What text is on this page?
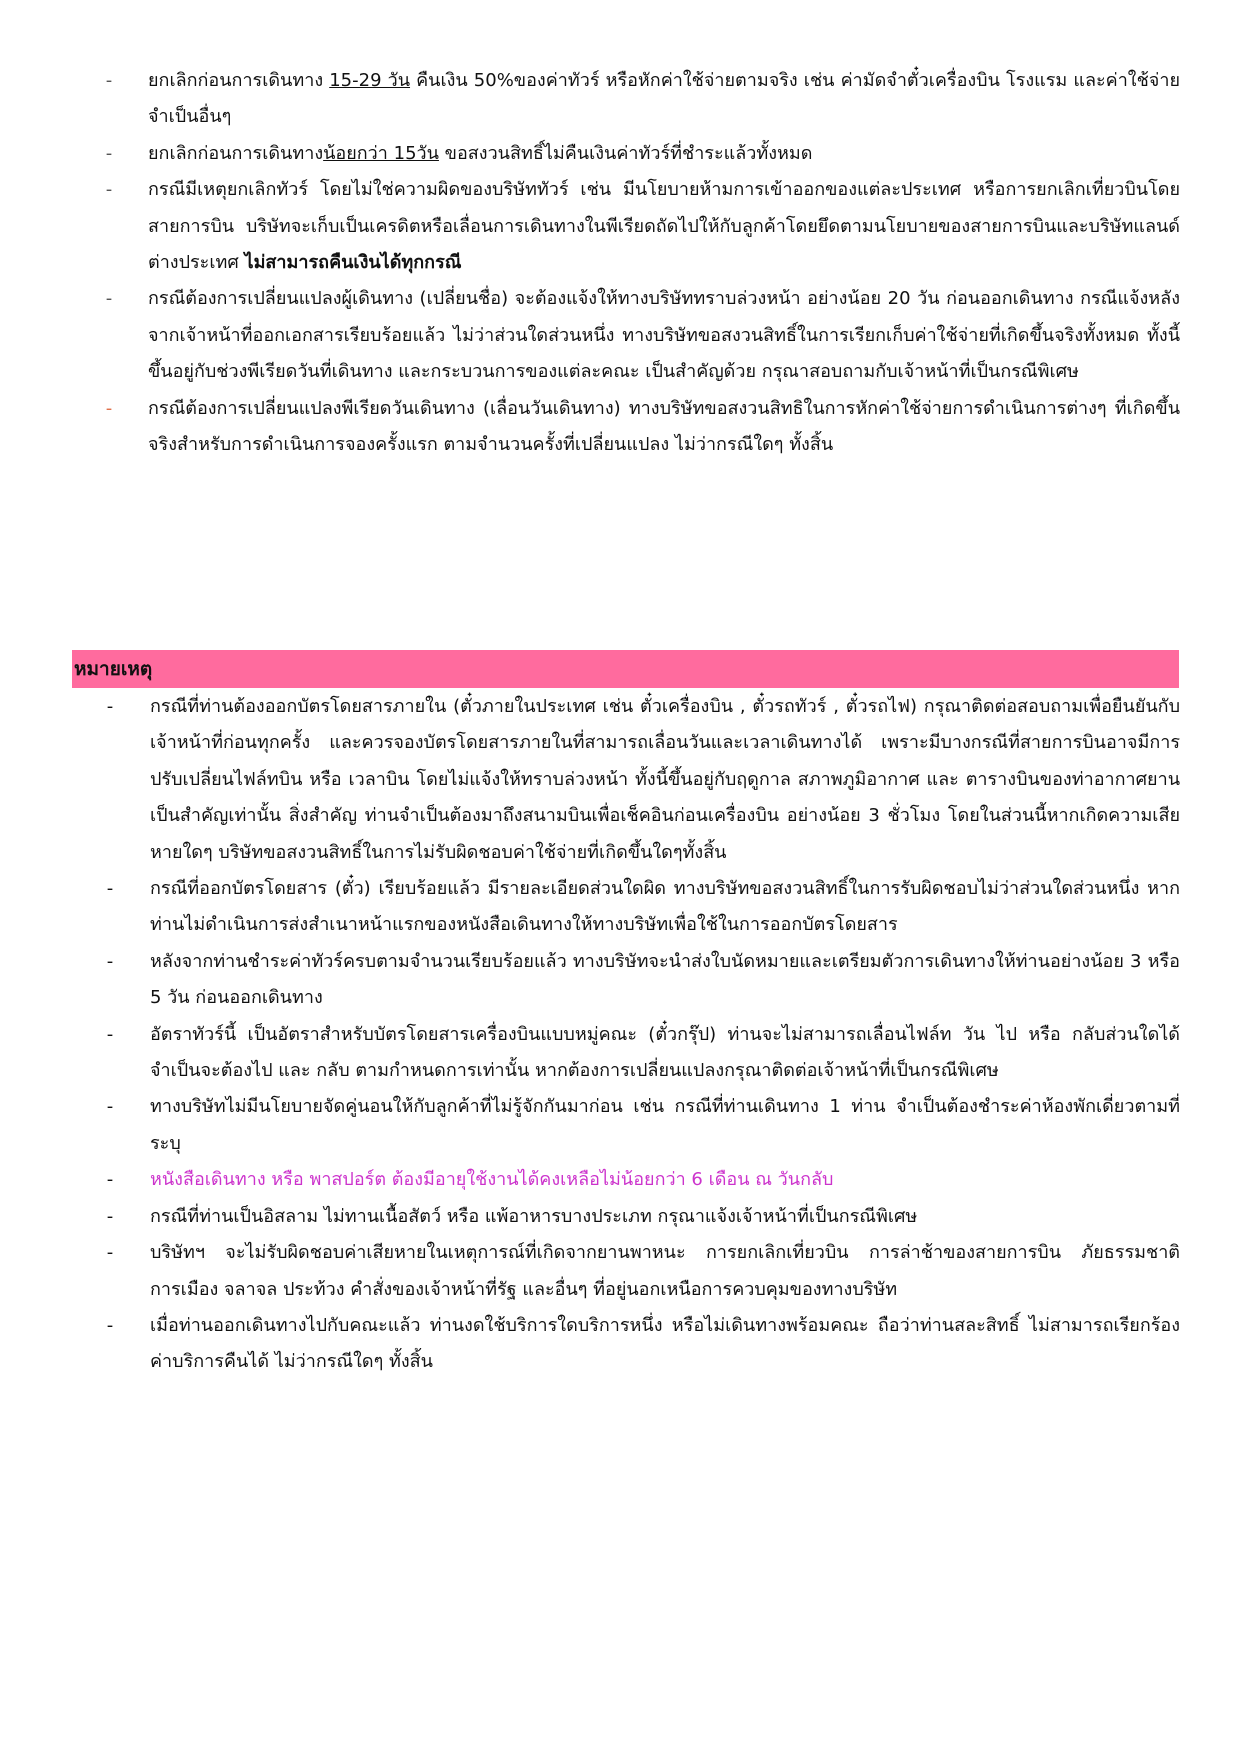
-	ยกเลิกก่อนการเดินทาง 15-29 วัน คืนเงิน 50%ของค่าทัวร์ หรือหักค่าใช้จ่ายตามจริง เช่น ค่ามัดจำตั๋วเครื่องบิน โรงแรม และค่าใช้จ่ายจำเป็นอื่นๆ
-	ยกเลิกก่อนการเดินทางน้อยกว่า 15วัน ขอสงวนสิทธิ์ไม่คืนเงินค่าทัวร์ที่ชำระแล้วทั้งหมด
-	กรณีมีเหตุยกเลิกทัวร์ โดยไม่ใช่ความผิดของบริษัททัวร์ เช่น มีนโยบายห้ามการเข้าออกของแต่ละประเทศ หรือการยกเลิกเที่ยวบินโดยสายการบิน บริษัทจะเก็บเป็นเครดิตหรือเลื่อนการเดินทางในพีเรียดถัดไปให้กับลูกค้าโดยยึดตามนโยบายของสายการบินและบริษัทแลนด์ต่างประเทศ ไม่สามารถคืนเงินได้ทุกกรณี
-	กรณีต้องการเปลี่ยนแปลงผู้เดินทาง (เปลี่ยนชื่อ) จะต้องแจ้งให้ทางบริษัททราบล่วงหน้า อย่างน้อย 20 วัน ก่อนออกเดินทาง กรณีแจ้งหลังจากเจ้าหน้าที่ออกเอกสารเรียบร้อยแล้ว ไม่ว่าส่วนใดส่วนหนึ่ง ทางบริษัทขอสงวนสิทธิ์ในการเรียกเก็บค่าใช้จ่ายที่เกิดขึ้นจริงทั้งหมด ทั้งนี้ขึ้นอยู่กับช่วงพีเรียดวันที่เดินทาง และกระบวนการของแต่ละคณะ เป็นสำคัญด้วย กรุณาสอบถามกับเจ้าหน้าที่เป็นกรณีพิเศษ
-	กรณีต้องการเปลี่ยนแปลงพีเรียดวันเดินทาง (เลื่อนวันเดินทาง) ทางบริษัทขอสงวนสิทธิในการหักค่าใช้จ่ายการดำเนินการต่างๆ ที่เกิดขึ้นจริงสำหรับการดำเนินการจองครั้งแรก ตามจำนวนครั้งที่เปลี่ยนแปลง ไม่ว่ากรณีใดๆ ทั้งสิ้น
หมายเหตุ
-	กรณีที่ท่านต้องออกบัตรโดยสารภายใน (ตั๋วภายในประเทศ เช่น ตั๋วเครื่องบิน , ตั๋วรถทัวร์ , ตั๋วรถไฟ) กรุณาติดต่อสอบถามเพื่อยืนยันกับเจ้าหน้าที่ก่อนทุกครั้ง และควรจองบัตรโดยสารภายในที่สามารถเลื่อนวันและเวลาเดินทางได้ เพราะมีบางกรณีที่สายการบินอาจมีการปรับเปลี่ยนไฟล์ทบิน หรือ เวลาบิน โดยไม่แจ้งให้ทราบล่วงหน้า ทั้งนี้ขึ้นอยู่กับฤดูกาล สภาพภูมิอากาศ และ ตารางบินของท่าอากาศยานเป็นสำคัญเท่านั้น สิ่งสำคัญ ท่านจำเป็นต้องมาถึงสนามบินเพื่อเช็คอินก่อนเครื่องบิน อย่างน้อย 3 ชั่วโมง โดยในส่วนนี้หากเกิดความเสียหายใดๆ บริษัทขอสงวนสิทธิ์ในการไม่รับผิดชอบค่าใช้จ่ายที่เกิดขึ้นใดๆทั้งสิ้น
-	กรณีที่ออกบัตรโดยสาร (ตั๋ว) เรียบร้อยแล้ว มีรายละเอียดส่วนใดผิด ทางบริษัทขอสงวนสิทธิ์ในการรับผิดชอบไม่ว่าส่วนใดส่วนหนึ่ง หากท่านไม่ดำเนินการส่งสำเนาหน้าแรกของหนังสือเดินทางให้ทางบริษัทเพื่อใช้ในการออกบัตรโดยสาร
-	หลังจากท่านชำระค่าทัวร์ครบตามจำนวนเรียบร้อยแล้ว ทางบริษัทจะนำส่งใบนัดหมายและเตรียมตัวการเดินทางให้ท่านอย่างน้อย 3 หรือ 5 วัน ก่อนออกเดินทาง
-	อัตราทัวร์นี้ เป็นอัตราสำหรับบัตรโดยสารเครื่องบินแบบหมู่คณะ (ตั๋วกรุ๊ป) ท่านจะไม่สามารถเลื่อนไฟล์ท วัน ไป หรือ กลับส่วนใดได้ จำเป็นจะต้องไป และ กลับ ตามกำหนดการเท่านั้น หากต้องการเปลี่ยนแปลงกรุณาติดต่อเจ้าหน้าที่เป็นกรณีพิเศษ
-	ทางบริษัทไม่มีนโยบายจัดคู่นอนให้กับลูกค้าที่ไม่รู้จักกันมาก่อน เช่น กรณีที่ท่านเดินทาง 1 ท่าน จำเป็นต้องชำระค่าห้องพักเดี่ยวตามที่ระบุ
-	หนังสือเดินทาง หรือ พาสปอร์ต ต้องมีอายุใช้งานได้คงเหลือไม่น้อยกว่า 6 เดือน ณ วันกลับ
-	กรณีที่ท่านเป็นอิสลาม ไม่ทานเนื้อสัตว์ หรือ แพ้อาหารบางประเภท กรุณาแจ้งเจ้าหน้าที่เป็นกรณีพิเศษ
-	บริษัทฯ จะไม่รับผิดชอบค่าเสียหายในเหตุการณ์ที่เกิดจากยานพาหนะ การยกเลิกเที่ยวบิน การล่าช้าของสายการบิน ภัยธรรมชาติ การเมือง จลาจล ประท้วง คำสั่งของเจ้าหน้าที่รัฐ และอื่นๆ ที่อยู่นอกเหนือการควบคุมของทางบริษัท
-	เมื่อท่านออกเดินทางไปกับคณะแล้ว ท่านงดใช้บริการใดบริการหนึ่ง หรือไม่เดินทางพร้อมคณะ ถือว่าท่านสละสิทธิ์ ไม่สามารถเรียกร้องค่าบริการคืนได้ ไม่ว่ากรณีใดๆ ทั้งสิ้น
